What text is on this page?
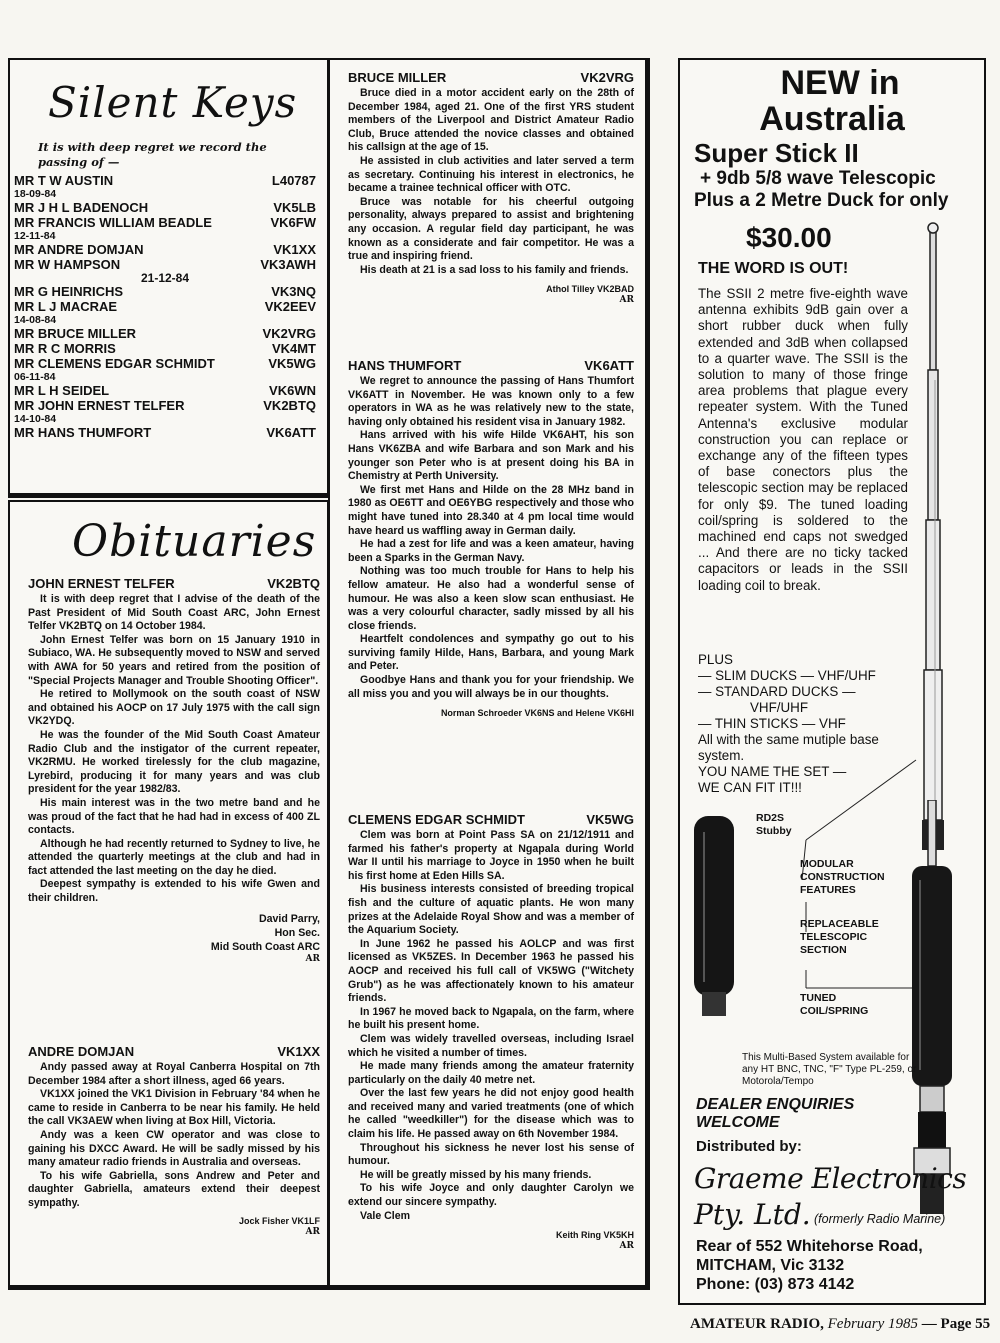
Silent Keys
It is with deep regret we record the passing of —
MR T W AUSTIN	L40787
18-09-84
MR J H L BADENOCH	VK5LB
MR FRANCIS WILLIAM BEADLE	VK6FW
12-11-84
MR ANDRE DOMJAN	VK1XX
MR W HAMPSON	VK3AWH
21-12-84
MR G HEINRICHS	VK3NQ
MR L J MACRAE	VK2EEV
14-08-84
MR BRUCE MILLER	VK2VRG
MR R C MORRIS	VK4MT
MR CLEMENS EDGAR SCHMIDT	VK5WG
06-11-84
MR L H SEIDEL	VK6WN
MR JOHN ERNEST TELFER	VK2BTQ
14-10-84
MR HANS THUMFORT	VK6ATT
Obituaries
JOHN ERNEST TELFER	VK2BTQ

It is with deep regret that I advise of the death of the Past President of Mid South Coast ARC, John Ernest Telfer VK2BTQ on 14 October 1984.

John Ernest Telfer was born on 15 January 1910 in Subiaco, WA. He subsequently moved to NSW and served with AWA for 50 years and retired from the position of "Special Projects Manager and Trouble Shooting Officer".

He retired to Mollymook on the south coast of NSW and obtained his AOCP on 17 July 1975 with the call sign VK2YDQ.

He was the founder of the Mid South Coast Amateur Radio Club and the instigator of the current repeater, VK2RMU. He worked tirelessly for the club magazine, Lyrebird, producing it for many years and was club president for the year 1982/83.

His main interest was in the two metre band and he was proud of the fact that he had had in excess of 400 ZL contacts.

Although he had recently returned to Sydney to live, he attended the quarterly meetings at the club and had in fact attended the last meeting on the day he died.

Deepest sympathy is extended to his wife Gwen and their children.

David Parry,
Hon Sec.
Mid South Coast ARC
AR
ANDRE DOMJAN	VK1XX

Andy passed away at Royal Canberra Hospital on 7th December 1984 after a short illness, aged 66 years.

VK1XX joined the VK1 Division in February '84 when he came to reside in Canberra to be near his family. He held the call VK3AEW when living at Box Hill, Victoria.

Andy was a keen CW operator and was close to gaining his DXCC Award. He will be sadly missed by his many amateur radio friends in Australia and overseas.

To his wife Gabriella, sons Andrew and Peter and daughter Gabriella, amateurs extend their deepest sympathy.

Jock Fisher VK1LF
AR
BRUCE MILLER	VK2VRG

Bruce died in a motor accident early on the 28th of December 1984, aged 21. One of the first YRS student members of the Liverpool and District Amateur Radio Club, Bruce attended the novice classes and obtained his callsign at the age of 15.

He assisted in club activities and later served a term as secretary. Continuing his interest in electronics, he became a trainee technical officer with OTC.

Bruce was notable for his cheerful outgoing personality, always prepared to assist and brightening any occasion. A regular field day participant, he was known as a considerate and fair competitor. He was a true and inspiring friend.

His death at 21 is a sad loss to his family and friends.

Athol Tilley VK2BAD
AR
HANS THUMFORT	VK6ATT

We regret to announce the passing of Hans Thumfort VK6ATT in November. He was known only to a few operators in WA as he was relatively new to the state, having only obtained his resident visa in January 1982.

Hans arrived with his wife Hilde VK6AHT, his son Hans VK6ZBA and wife Barbara and son Mark and his younger son Peter who is at present doing his BA in Chemistry at Perth University.

We first met Hans and Hilde on the 28 MHz band in 1980 as OE6TT and OE6YBG respectively and those who might have tuned into 28.340 at 4 pm local time would have heard us waffling away in German daily.

He had a zest for life and was a keen amateur, having been a Sparks in the German Navy.

Nothing was too much trouble for Hans to help his fellow amateur. He also had a wonderful sense of humour. He was also a keen slow scan enthusiast. He was a very colourful character, sadly missed by all his close friends.

Heartfelt condolences and sympathy go out to his surviving family Hilde, Hans, Barbara, and young Mark and Peter.

Goodbye Hans and thank you for your friendship. We all miss you and you will always be in our thoughts.

Norman Schroeder VK6NS and Helene VK6HI
CLEMENS EDGAR SCHMIDT	VK5WG

Clem was born at Point Pass SA on 21/12/1911 and farmed his father's property at Ngapala during World War II until his marriage to Joyce in 1950 when he built his first home at Eden Hills SA.

His business interests consisted of breeding tropical fish and the culture of aquatic plants. He won many prizes at the Adelaide Royal Show and was a member of the Aquarium Society.

In June 1962 he passed his AOLCP and was first licensed as VK5ZES. In December 1963 he passed his AOCP and received his full call of VK5WG ("Witchety Grub") as he was affectionately known to his amateur friends.

In 1967 he moved back to Ngapala, on the farm, where he built his present home.

Clem was widely travelled overseas, including Israel which he visited a number of times.

He made many friends among the amateur fraternity particularly on the daily 40 metre net.

Over the last few years he did not enjoy good health and received many and varied treatments (one of which he called "weedkiller") for the disease which was to claim his life. He passed away on 6th November 1984.

Throughout his sickness he never lost his sense of humour.

He will be greatly missed by his many friends.

To his wife Joyce and only daughter Carolyn we extend our sincere sympathy.

Vale Clem

Keith Ring VK5KH
AR
NEW in
Australia
Super Stick II
+ 9db 5/8 wave Telescopic
Plus a 2 Metre Duck for only
$30.00
THE WORD IS OUT!
The SSII 2 metre five-eighth wave antenna exhibits 9dB gain over a short rubber duck when fully extended and 3dB when collapsed to a quarter wave. The SSII is the solution to many of those fringe area problems that plague every repeater system. With the Tuned Antenna's exclusive modular construction you can replace or exchange any of the fifteen types of base conectors plus the telescopic section may be replaced for only $9. The tuned loading coil/spring is soldered to the machined end caps not swedged ... And there are no ticky tacked capacitors or leads in the SSII loading coil to break.
PLUS
— SLIM DUCKS — VHF/UHF
— STANDARD DUCKS —
VHF/UHF
— THIN STICKS — VHF
All with the same mutiple base system.
YOU NAME THE SET —
WE CAN FIT IT!!!
RD2S
Stubby
MODULAR CONSTRUCTION FEATURES
REPLACEABLE TELESCOPIC SECTION
TUNED COIL/SPRING
This Multi-Based System available for any HT BNC, TNC, "F" Type PL-259, or Motorola/Tempo
DEALER ENQUIRIES
WELCOME
Distributed by:
Graeme Electronics
Pty. Ltd. (formerly Radio Marine)
Rear of 552 Whitehorse Road,
MITCHAM, Vic 3132
Phone: (03) 873 4142
AMATEUR RADIO, February 1985 — Page 55
